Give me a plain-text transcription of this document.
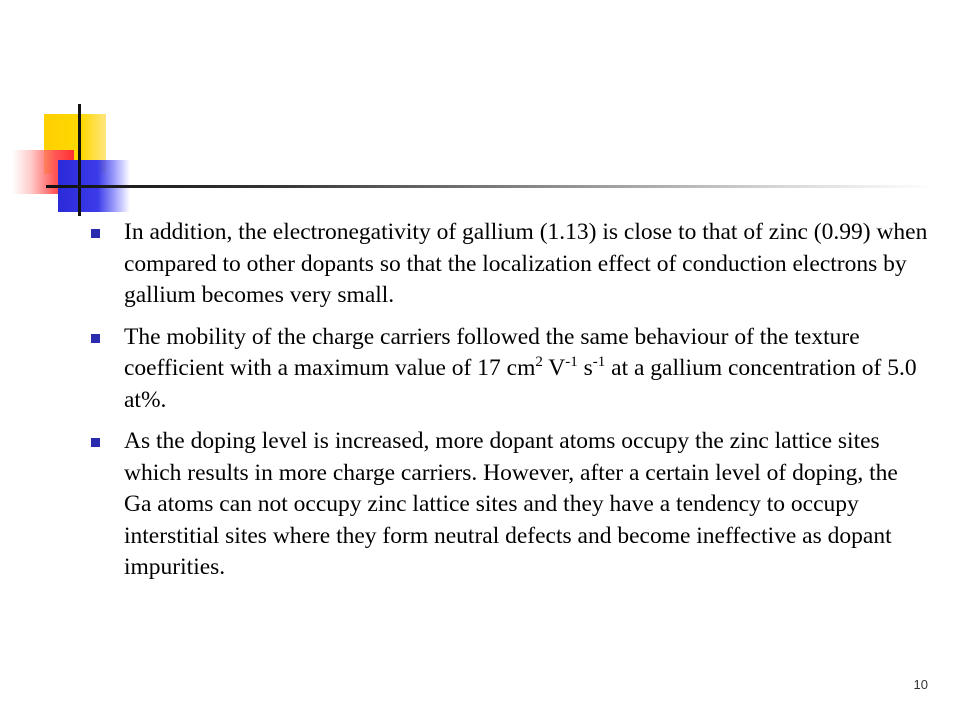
In addition, the electronegativity of gallium (1.13) is close to that of zinc (0.99) when compared to other dopants so that the localization effect of conduction electrons by gallium becomes very small.
The mobility of the charge carriers followed the same behaviour of the texture coefficient with a maximum value of 17 $cm^2$ $V^{-1}$ $s^{-1}$ at a gallium concentration of 5.0 at%.
As the doping level is increased, more dopant atoms occupy the zinc lattice sites which results in more charge carriers. However, after a certain level of doping, the Ga atoms can not occupy zinc lattice sites and they have a tendency to occupy interstitial sites where they form neutral defects and become ineffective as dopant impurities.
10
